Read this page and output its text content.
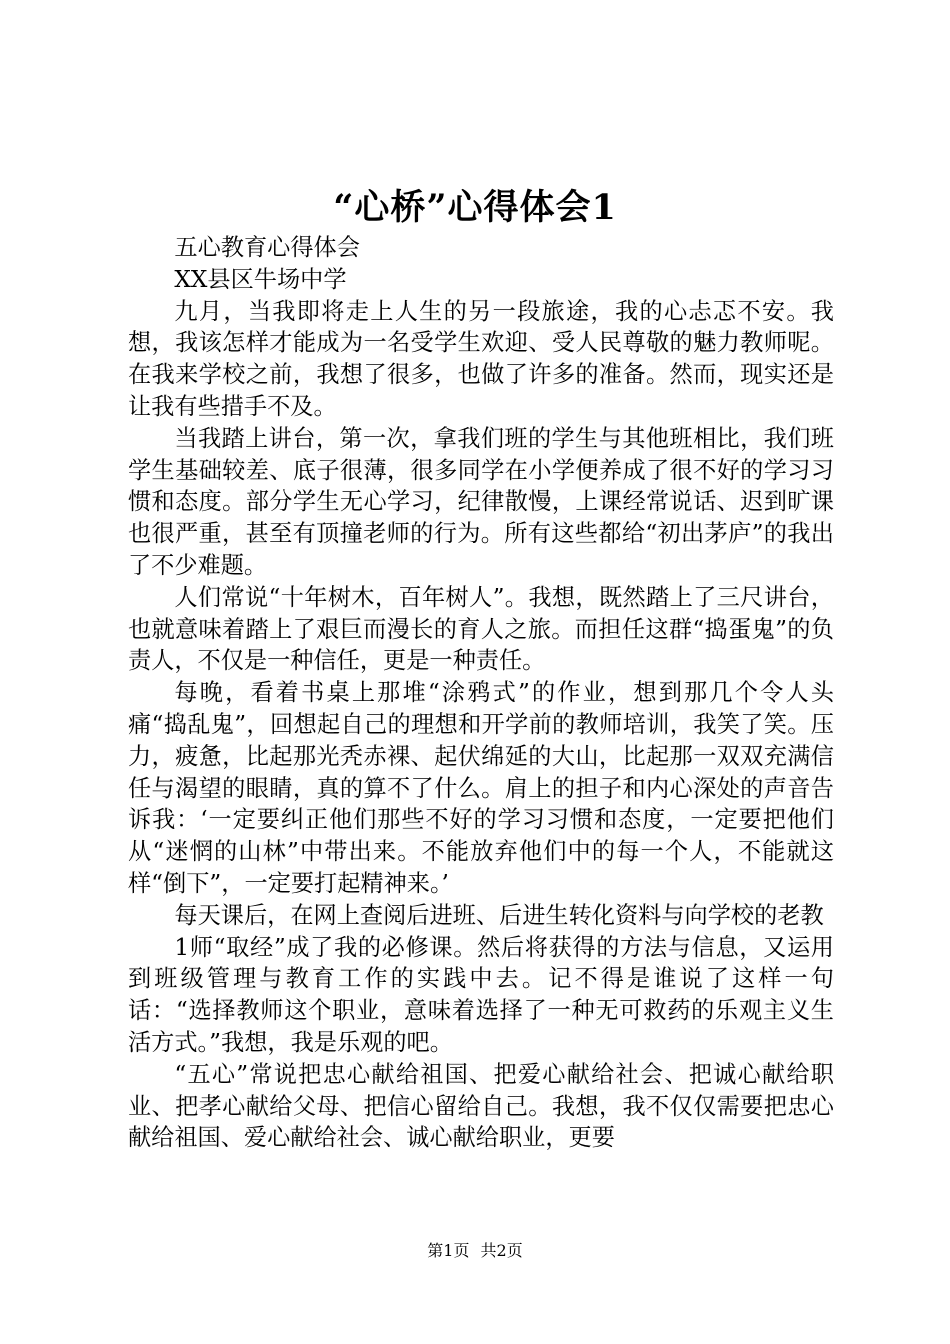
“心桥”心得体会1

五心教育心得体会

XX县区牛场中学

九月，当我即将走上人生的另一段旅途，我的心忐忑不安。我想，我该怎样才能成为一名受学生欢迎、受人民尊敬的魅力教师呢。在我来学校之前，我想了很多，也做了许多的准备。然而，现实还是让我有些措手不及。

当我踏上讲台，第一次，拿我们班的学生与其他班相比，我们班学生基础较差、底子很薄，很多同学在小学便养成了很不好的学习习惯和态度。部分学生无心学习，纪律散慢，上课经常说话、迟到旷课也很严重，甚至有顶撞老师的行为。所有这些都给“初出茅庐”的我出了不少难题。

人们常说“十年树木，百年树人”。我想，既然踏上了三尺讲台，也就意味着踏上了艰巨而漫长的育人之旅。而担任这群“捣蛋鬼”的负责人，不仅是一种信任，更是一种责任。

每晚，看着书桌上那堆“涂鸦式”的作业，想到那几个令人头痛“捣乱鬼”，回想起自己的理想和开学前的教师培训，我笑了笑。压力，疲惫，比起那光秃赤裸、起伏绵延的大山，比起那一双双充满信任与渴望的眼睛，真的算不了什么。肩上的担子和内心深处的声音告诉我：‘一定要纠正他们那些不好的学习习惯和态度，一定要把他们从“迷惘的山林”中带出来。不能放弃他们中的每一个人，不能就这样“倒下”，一定要打起精神来。’

每天课后，在网上查阅后进班、后进生转化资料与向学校的老教

1师“取经”成了我的必修课。然后将获得的方法与信息，又运用到班级管理与教育工作的实践中去。记不得是谁说了这样一句话：“选择教师这个职业，意味着选择了一种无可救药的乐观主义生活方式。”我想，我是乐观的吧。

“五心”常说把忠心献给祖国、把爱心献给社会、把诚心献给职业、把孝心献给父母、把信心留给自己。我想，我不仅仅需要把忠心献给祖国、爱心献给社会、诚心献给职业，更要

第1页 共2页
